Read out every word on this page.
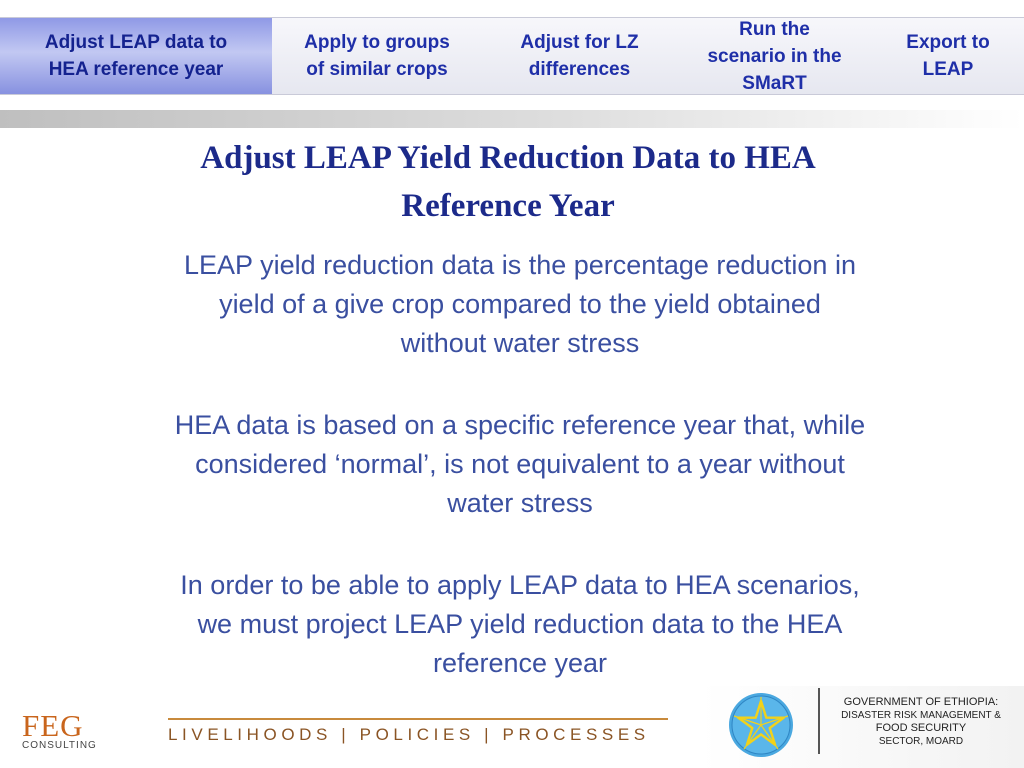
Adjust LEAP data to
HEA reference year
Apply to groups
of similar crops
Adjust for LZ
differences
Run the
scenario in the
SMaRT
Export to
LEAP
Adjust LEAP Yield Reduction Data to HEA
Reference Year
LEAP yield reduction data is the percentage reduction in
yield of a give crop compared to the yield obtained
without water stress
HEA data is based on a specific reference year that, while
considered ‘normal’, is not equivalent to a year without
water stress
In order to be able to apply LEAP data to HEA scenarios,
we must project LEAP yield reduction data to the HEA
reference year
FEG
CONSULTING
LIVELIHOODS | POLICIES | PROCESSES
GOVERNMENT OF ETHIOPIA:
DISASTER RISK MANAGEMENT &
FOOD SECURITY
SECTOR, MOARD
